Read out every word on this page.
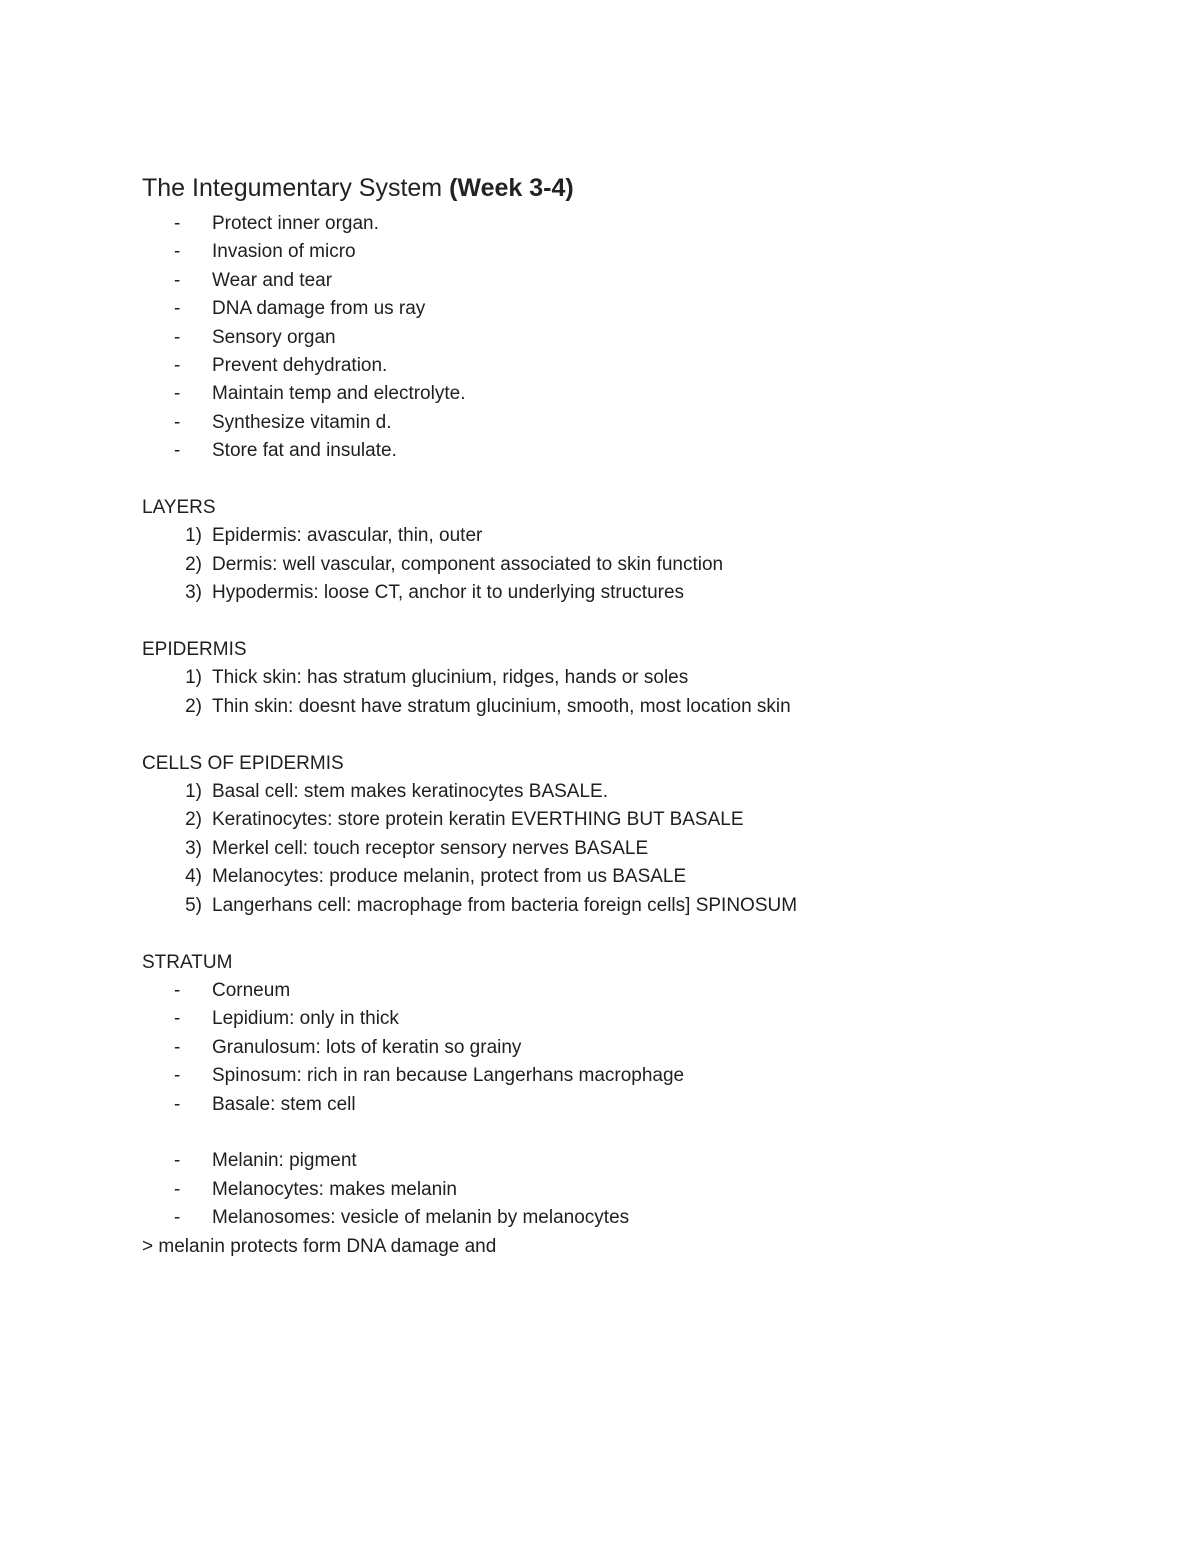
The Integumentary System (Week 3-4)
- Protect inner organ.
- Invasion of micro
- Wear and tear
- DNA damage from us ray
- Sensory organ
- Prevent dehydration.
- Maintain temp and electrolyte.
- Synthesize vitamin d.
- Store fat and insulate.
LAYERS
1) Epidermis: avascular, thin, outer
2) Dermis: well vascular, component associated to skin function
3) Hypodermis: loose CT, anchor it to underlying structures
EPIDERMIS
1) Thick skin: has stratum glucinium, ridges, hands or soles
2) Thin skin: doesnt have stratum glucinium, smooth, most location skin
CELLS OF EPIDERMIS
1) Basal cell: stem makes keratinocytes BASALE.
2) Keratinocytes: store protein keratin EVERTHING BUT BASALE
3) Merkel cell: touch receptor sensory nerves BASALE
4) Melanocytes: produce melanin, protect from us BASALE
5) Langerhans cell: macrophage from bacteria foreign cells] SPINOSUM
STRATUM
- Corneum
- Lepidium: only in thick
- Granulosum: lots of keratin so grainy
- Spinosum: rich in ran because Langerhans macrophage
- Basale: stem cell
- Melanin: pigment
- Melanocytes: makes melanin
- Melanosomes: vesicle of melanin by melanocytes
> melanin protects form DNA damage and
